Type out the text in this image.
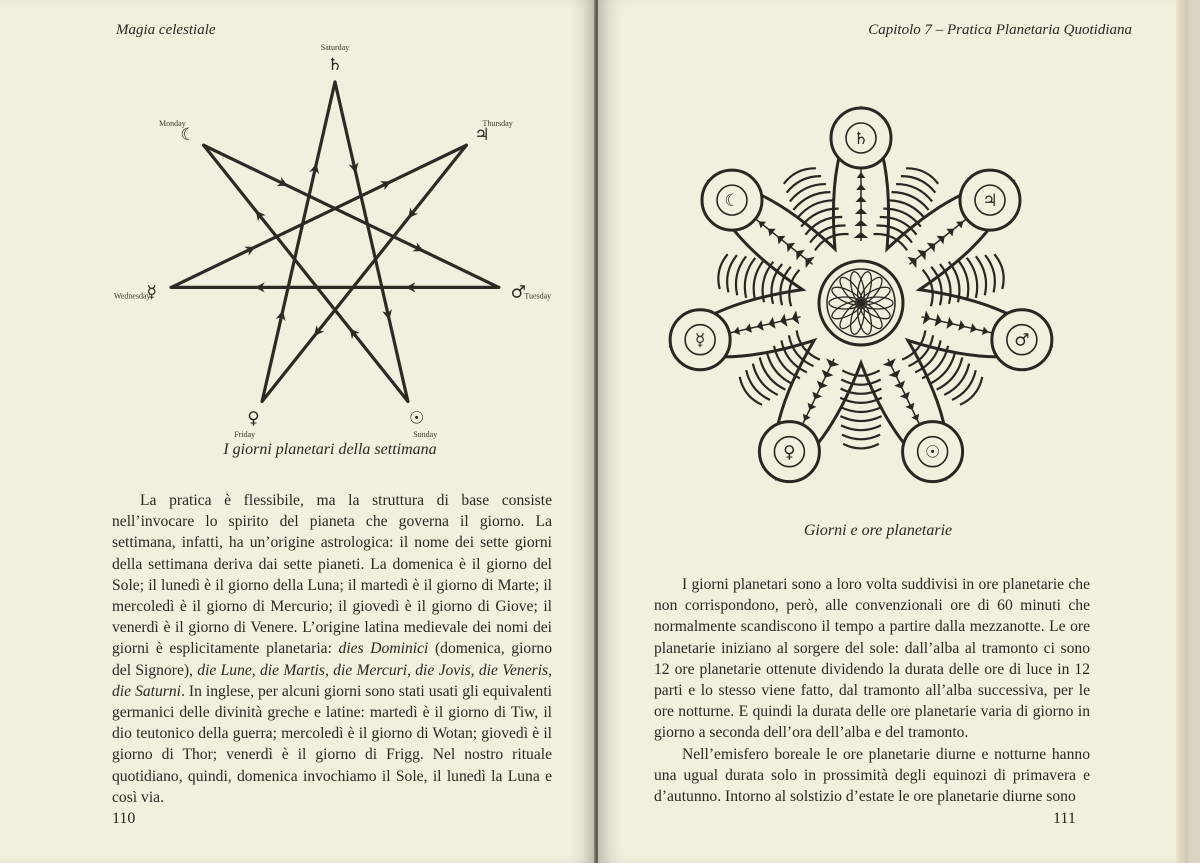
Magia celestiale
♄
Saturday
♃
Thursday
♂
Tuesday
☉
Sunday
♀
Friday
☿
Wednesday
☾
Monday
I giorni planetari della settimana

La pratica è flessibile, ma la struttura di base consiste nell’invocare lo spirito del pianeta che governa il giorno. La settimana, infatti, ha un’origine astrologica: il nome dei sette giorni della settimana deriva dai sette pianeti. La domenica è il giorno del Sole; il lunedì è il giorno della Luna; il martedì è il giorno di Marte; il mercoledì è il giorno di Mercurio; il giovedì è il giorno di Giove; il venerdì è il giorno di Venere. L’origine latina medievale dei nomi dei giorni è esplicitamente planetaria: dies Dominici (domenica, giorno del Signore), die Lune, die Martis, die Mercuri, die Jovis, die Veneris, die Saturni. In inglese, per alcuni giorni sono stati usati gli equivalenti germanici delle divinità greche e latine: martedì è il giorno di Tiw, il dio teutonico della guerra; mercoledì è il giorno di Wotan; giovedì è il giorno di Thor; venerdì è il giorno di Frigg. Nel nostro rituale quotidiano, quindi, domenica invochiamo il Sole, il lunedì la Luna e così via.

110
Capitolo 7 – Pratica Planetaria Quotidiana
♄
♃
♂
☉
♀
☿
☾
Giorni e ore planetarie

I giorni planetari sono a loro volta suddivisi in ore planetarie che non corrispondono, però, alle convenzionali ore di 60 minuti che normalmente scandiscono il tempo a partire dalla mezzanotte. Le ore planetarie iniziano al sorgere del sole: dall’alba al tramonto ci sono 12 ore planetarie ottenute dividendo la durata delle ore di luce in 12 parti e lo stesso viene fatto, dal tramonto all’alba successiva, per le ore notturne. E quindi la durata delle ore planetarie varia di giorno in giorno a seconda dell’ora dell’alba e del tramonto.

Nell’emisfero boreale le ore planetarie diurne e notturne hanno una ugual durata solo in prossimità degli equinozi di primavera e d’autunno. Intorno al solstizio d’estate le ore planetarie diurne sono

111
